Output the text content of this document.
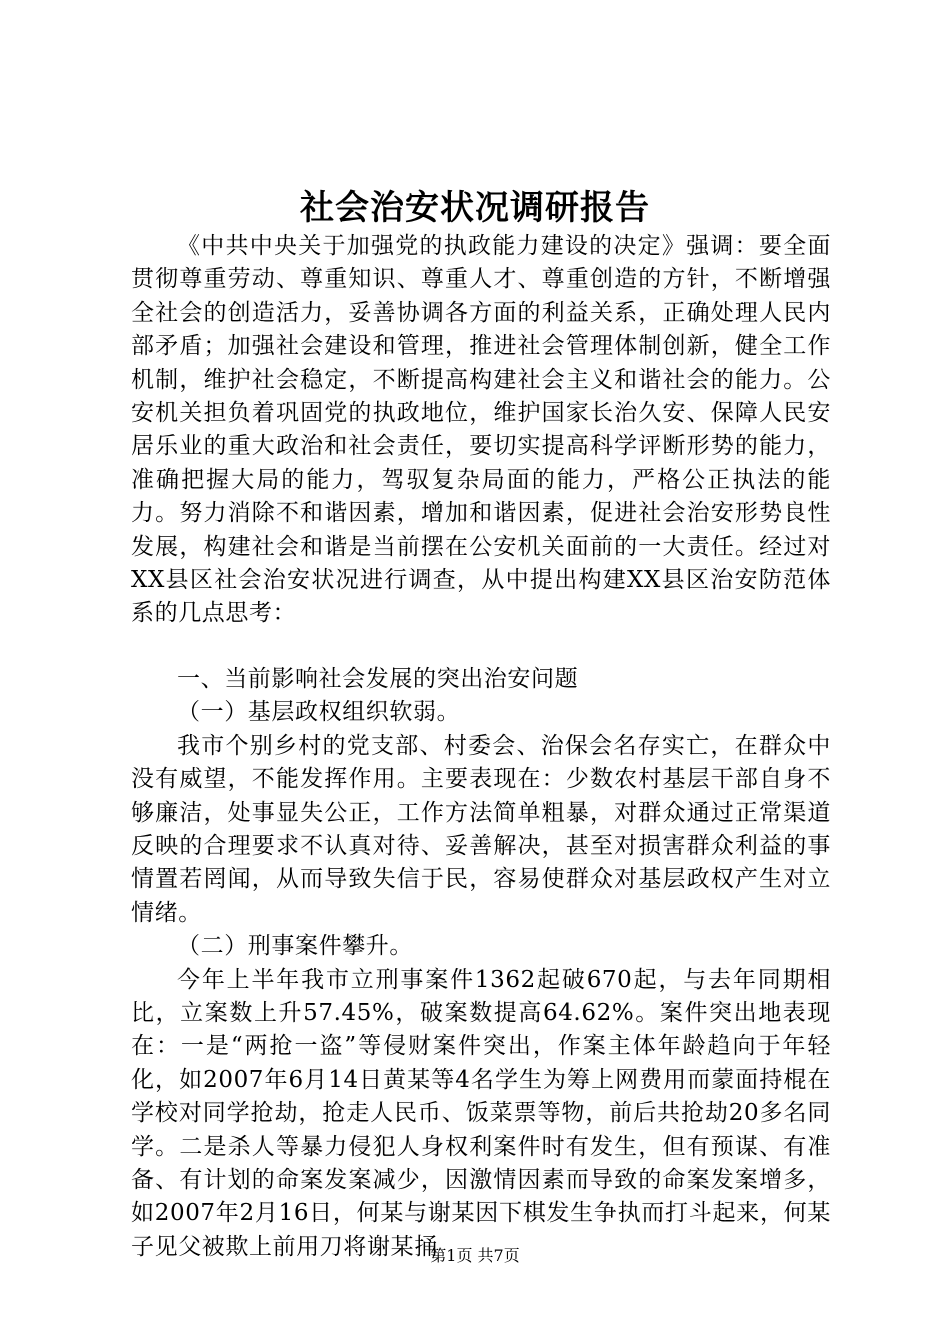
社会治安状况调研报告

《中共中央关于加强党的执政能力建设的决定》强调：要全面贯彻尊重劳动、尊重知识、尊重人才、尊重创造的方针，不断增强全社会的创造活力，妥善协调各方面的利益关系，正确处理人民内部矛盾；加强社会建设和管理，推进社会管理体制创新，健全工作机制，维护社会稳定，不断提高构建社会主义和谐社会的能力。公安机关担负着巩固党的执政地位，维护国家长治久安、保障人民安居乐业的重大政治和社会责任，要切实提高科学评断形势的能力，准确把握大局的能力，驾驭复杂局面的能力，严格公正执法的能力。努力消除不和谐因素，增加和谐因素，促进社会治安形势良性发展，构建社会和谐是当前摆在公安机关面前的一大责任。经过对XX县区社会治安状况进行调查，从中提出构建XX县区治安防范体系的几点思考：

一、当前影响社会发展的突出治安问题

（一）基层政权组织软弱。

我市个别乡村的党支部、村委会、治保会名存实亡，在群众中没有威望，不能发挥作用。主要表现在：少数农村基层干部自身不够廉洁，处事显失公正，工作方法简单粗暴，对群众通过正常渠道反映的合理要求不认真对待、妥善解决，甚至对损害群众利益的事情置若罔闻，从而导致失信于民，容易使群众对基层政权产生对立情绪。

（二）刑事案件攀升。

今年上半年我市立刑事案件1362起破670起，与去年同期相比，立案数上升57.45%，破案数提高64.62%。案件突出地表现在：一是“两抢一盗”等侵财案件突出，作案主体年龄趋向于年轻化，如2007年6月14日黄某等4名学生为筹上网费用而蒙面持棍在学校对同学抢劫，抢走人民币、饭菜票等物，前后共抢劫20多名同学。二是杀人等暴力侵犯人身权利案件时有发生，但有预谋、有准备、有计划的命案发案减少，因激情因素而导致的命案发案增多，如2007年2月16日，何某与谢某因下棋发生争执而打斗起来，何某子见父被欺上前用刀将谢某捅

第1页 共7页
